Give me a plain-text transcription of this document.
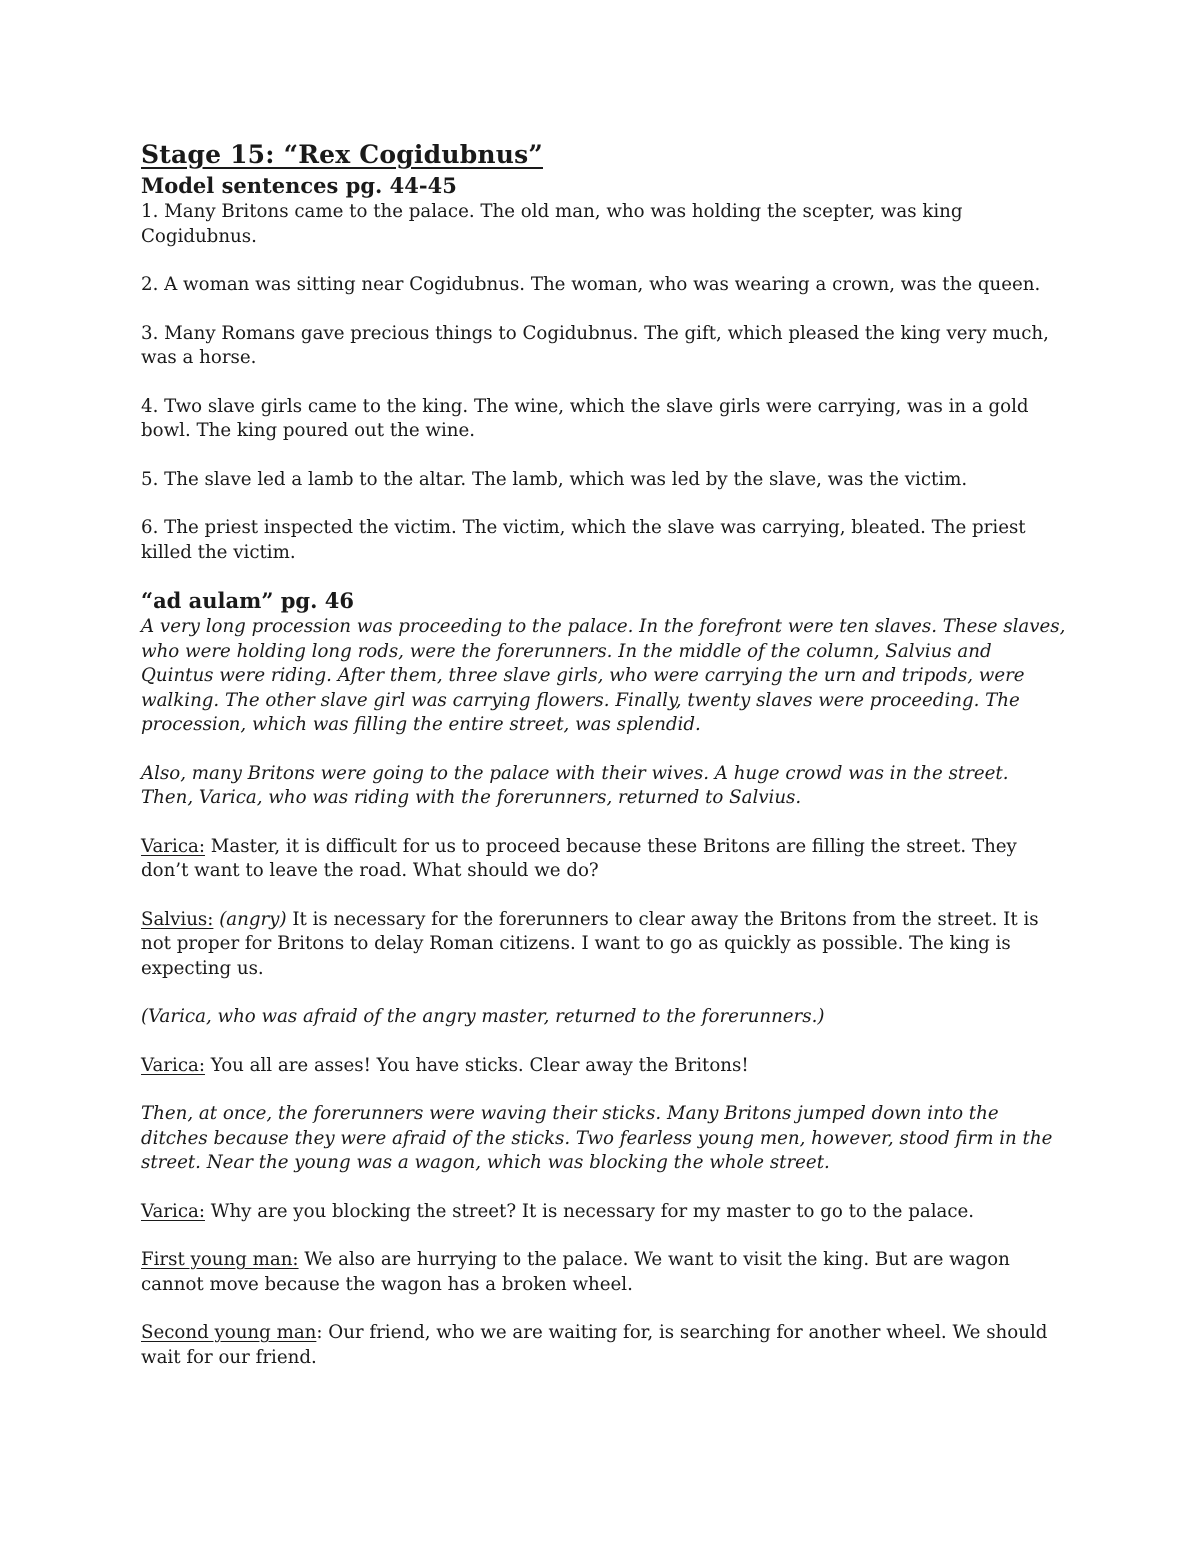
Stage 15: “Rex Cogidubnus”
Model sentences pg. 44-45

1. Many Britons came to the palace. The old man, who was holding the scepter, was king Cogidubnus.

2. A woman was sitting near Cogidubnus. The woman, who was wearing a crown, was the queen.

3. Many Romans gave precious things to Cogidubnus. The gift, which pleased the king very much, was a horse.

4. Two slave girls came to the king. The wine, which the slave girls were carrying, was in a gold bowl. The king poured out the wine.

5. The slave led a lamb to the altar. The lamb, which was led by the slave, was the victim.

6. The priest inspected the victim. The victim, which the slave was carrying, bleated. The priest killed the victim.

“ad aulam” pg. 46

A very long procession was proceeding to the palace. In the forefront were ten slaves. These slaves, who were holding long rods, were the forerunners. In the middle of the column, Salvius and Quintus were riding. After them, three slave girls, who were carrying the urn and tripods, were walking. The other slave girl was carrying flowers. Finally, twenty slaves were proceeding. The procession, which was filling the entire street, was splendid.

Also, many Britons were going to the palace with their wives. A huge crowd was in the street. Then, Varica, who was riding with the forerunners, returned to Salvius.

Varica: Master, it is difficult for us to proceed because these Britons are filling the street. They don’t want to leave the road. What should we do?

Salvius: (angry) It is necessary for the forerunners to clear away the Britons from the street. It is not proper for Britons to delay Roman citizens. I want to go as quickly as possible. The king is expecting us.

(Varica, who was afraid of the angry master, returned to the forerunners.)

Varica: You all are asses! You have sticks. Clear away the Britons!

Then, at once, the forerunners were waving their sticks. Many Britons jumped down into the ditches because they were afraid of the sticks. Two fearless young men, however, stood firm in the street. Near the young was a wagon, which was blocking the whole street.

Varica: Why are you blocking the street? It is necessary for my master to go to the palace.

First young man: We also are hurrying to the palace. We want to visit the king. But are wagon cannot move because the wagon has a broken wheel.

Second young man: Our friend, who we are waiting for, is searching for another wheel. We should wait for our friend.
